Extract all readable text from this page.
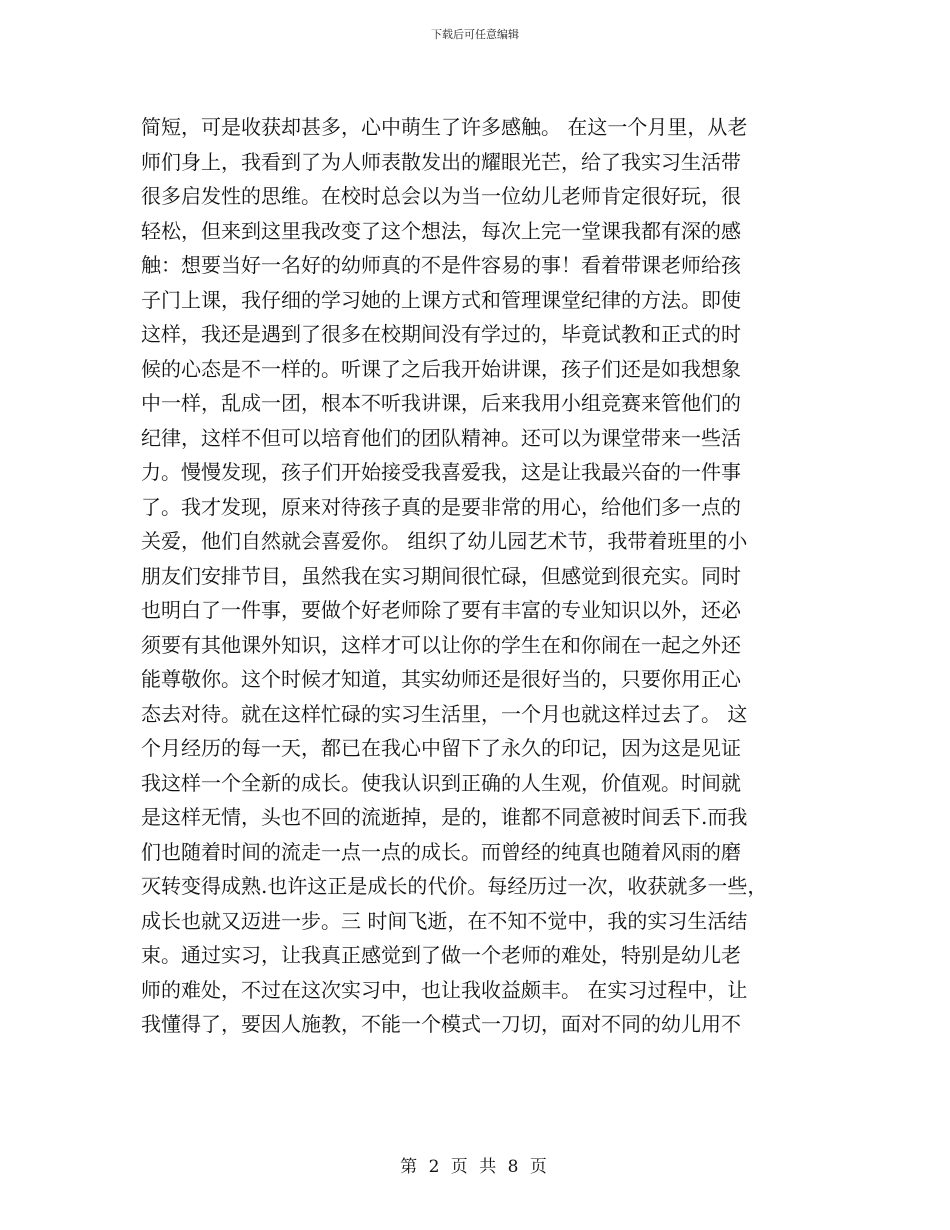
下载后可任意编辑
简短，可是收获却甚多，心中萌生了许多感触。 在这一个月里，从老
师们身上，我看到了为人师表散发出的耀眼光芒，给了我实习生活带
很多启发性的思维。在校时总会以为当一位幼儿老师肯定很好玩，很
轻松，但来到这里我改变了这个想法，每次上完一堂课我都有深的感
触：想要当好一名好的幼师真的不是件容易的事！看着带课老师给孩
子门上课，我仔细的学习她的上课方式和管理课堂纪律的方法。即使
这样，我还是遇到了很多在校期间没有学过的，毕竟试教和正式的时
候的心态是不一样的。听课了之后我开始讲课，孩子们还是如我想象
中一样，乱成一团，根本不听我讲课，后来我用小组竞赛来管他们的
纪律，这样不但可以培育他们的团队精神。还可以为课堂带来一些活
力。慢慢发现，孩子们开始接受我喜爱我，这是让我最兴奋的一件事
了。我才发现，原来对待孩子真的是要非常的用心，给他们多一点的
关爱，他们自然就会喜爱你。 组织了幼儿园艺术节，我带着班里的小
朋友们安排节目，虽然我在实习期间很忙碌，但感觉到很充实。同时
也明白了一件事，要做个好老师除了要有丰富的专业知识以外，还必
须要有其他课外知识，这样才可以让你的学生在和你闹在一起之外还
能尊敬你。这个时候才知道，其实幼师还是很好当的，只要你用正心
态去对待。就在这样忙碌的实习生活里，一个月也就这样过去了。 这
个月经历的每一天，都已在我心中留下了永久的印记，因为这是见证
我这样一个全新的成长。使我认识到正确的人生观，价值观。时间就
是这样无情，头也不回的流逝掉，是的，谁都不同意被时间丢下.而我
们也随着时间的流走一点一点的成长。而曾经的纯真也随着风雨的磨
灭转变得成熟.也许这正是成长的代价。每经历过一次，收获就多一些，
成长也就又迈进一步。三 时间飞逝，在不知不觉中，我的实习生活结
束。通过实习，让我真正感觉到了做一个老师的难处，特别是幼儿老
师的难处，不过在这次实习中，也让我收益颇丰。 在实习过程中，让
我懂得了，要因人施教，不能一个模式一刀切，面对不同的幼儿用不
第 2 页 共 8 页
